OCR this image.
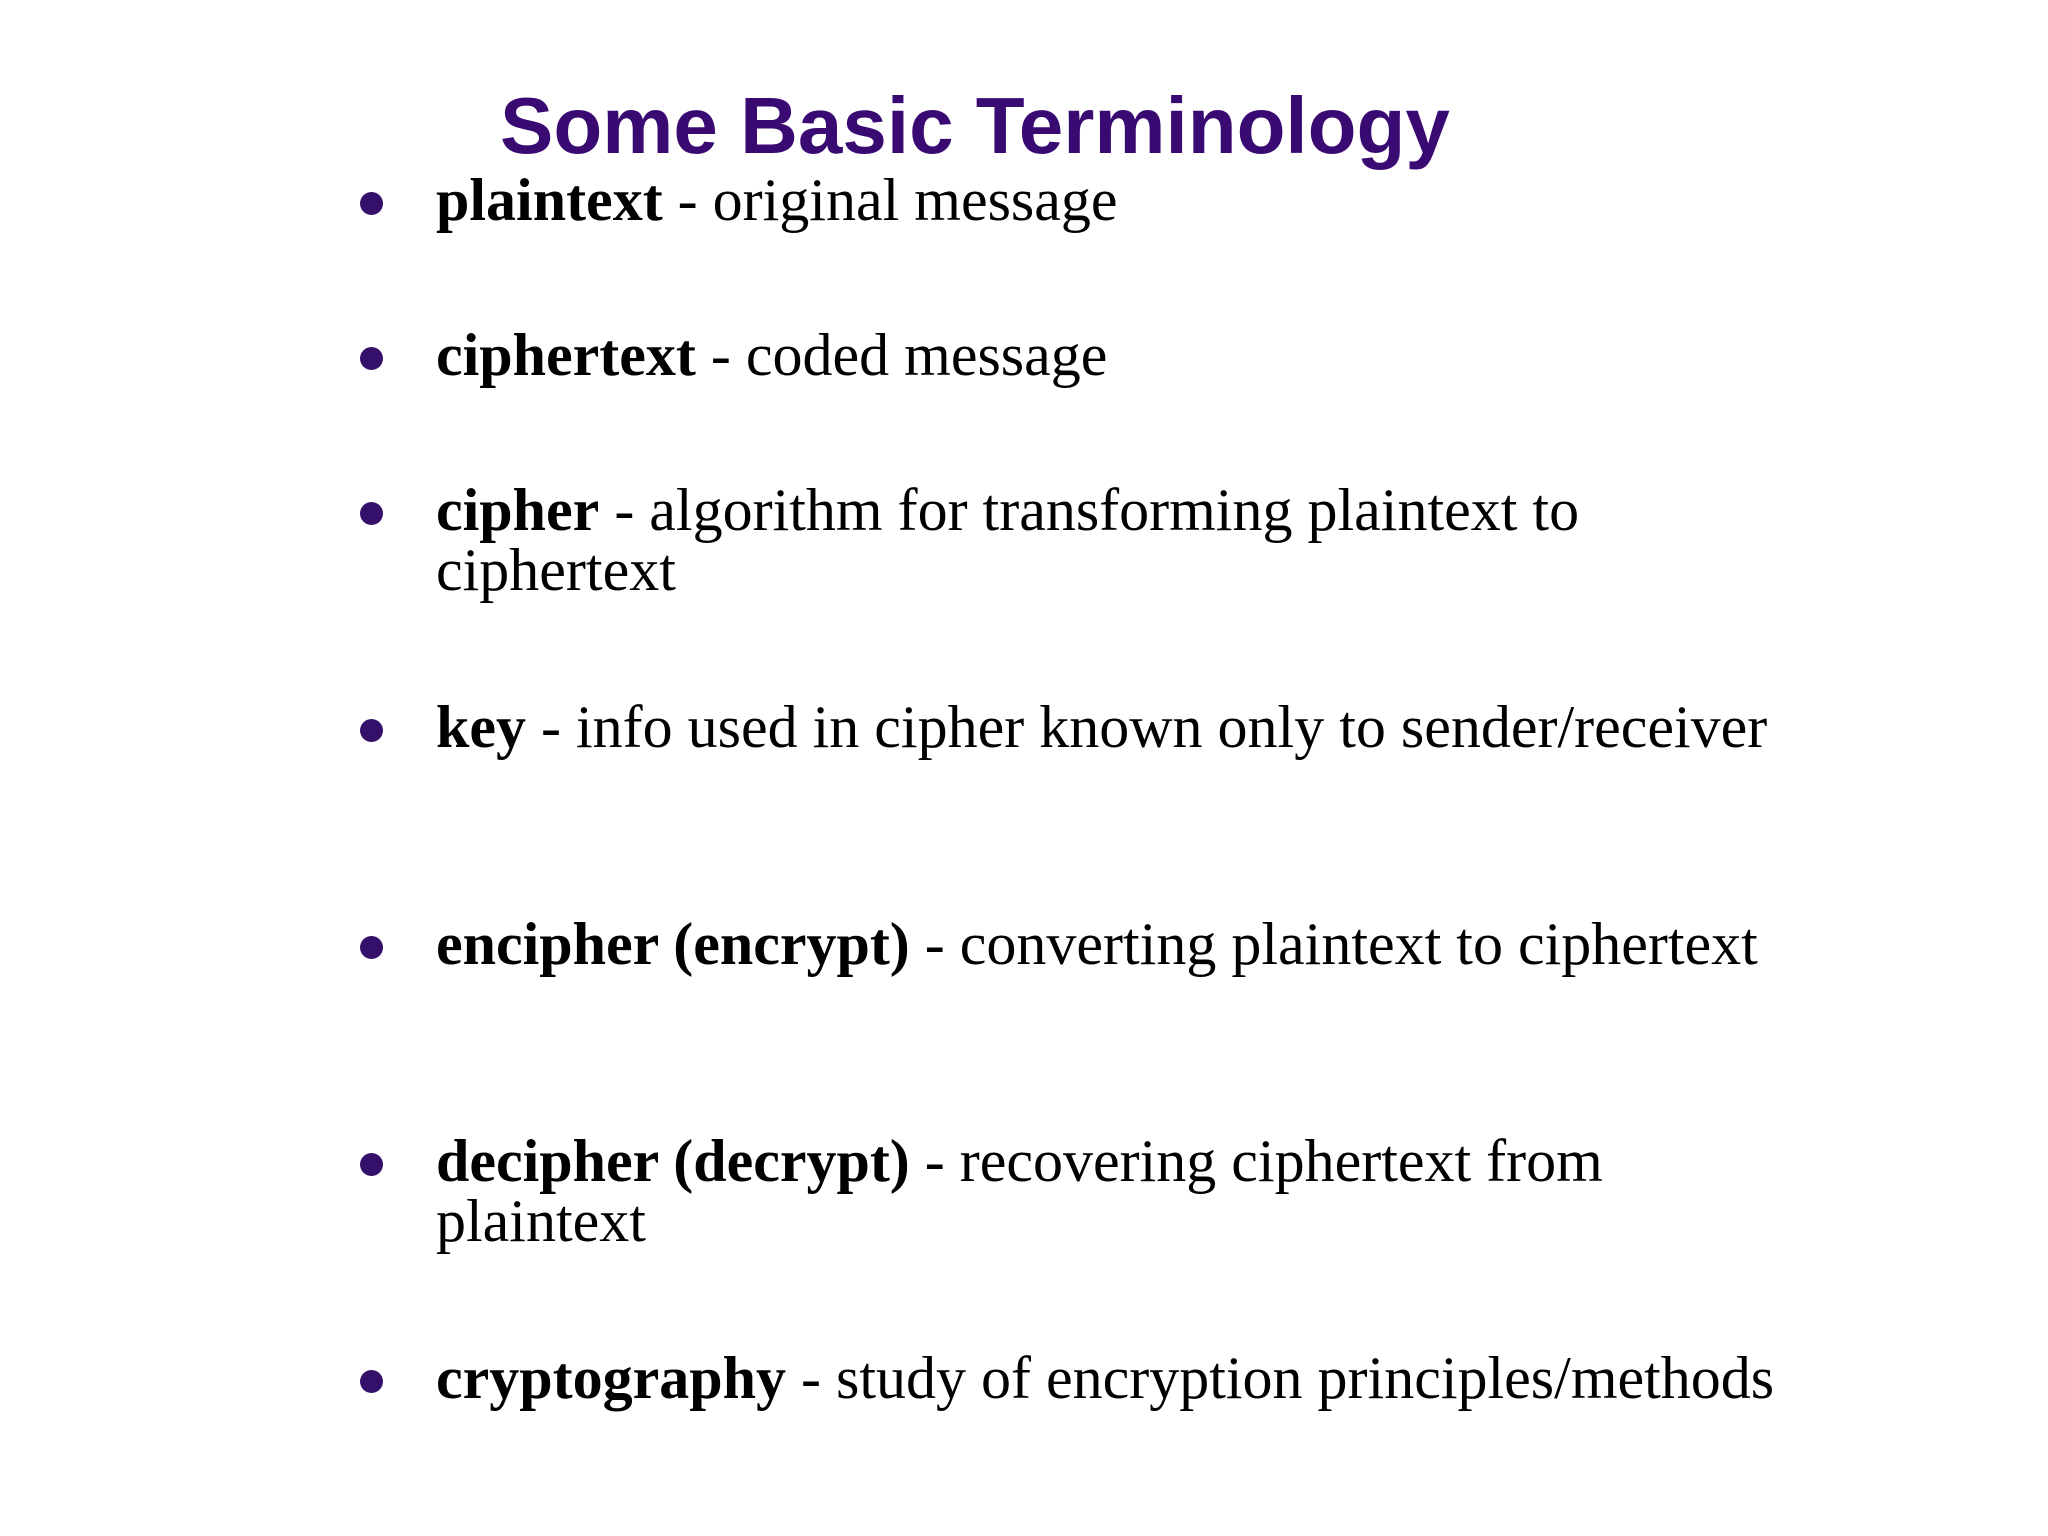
Some Basic Terminology
plaintext - original message
ciphertext - coded message
cipher - algorithm for transforming plaintext to ciphertext
key - info used in cipher known only to sender/receiver
encipher (encrypt) - converting plaintext to ciphertext
decipher (decrypt) - recovering ciphertext from plaintext
cryptography - study of encryption principles/methods
